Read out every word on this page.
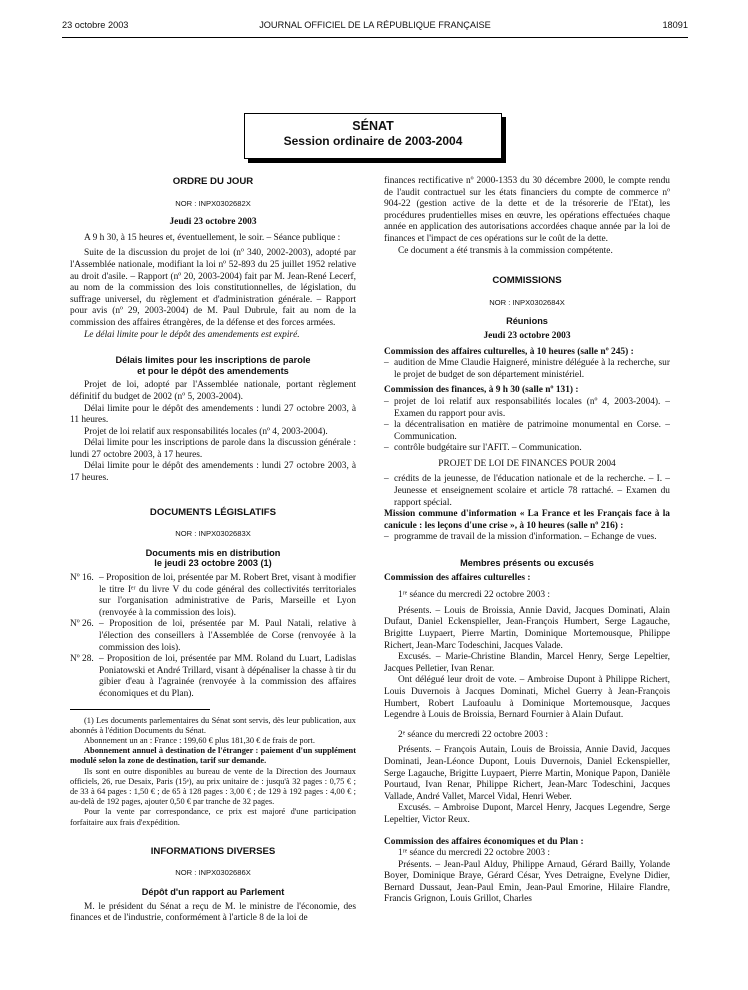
23 octobre 2003	JOURNAL OFFICIEL DE LA RÉPUBLIQUE FRANÇAISE	18091
SÉNAT
Session ordinaire de 2003-2004

ORDRE DU JOUR

NOR : INPX0302682X

Jeudi 23 octobre 2003

A 9 h 30, à 15 heures et, éventuellement, le soir. – Séance publique :

Suite de la discussion du projet de loi (nº 340, 2002-2003), adopté par l'Assemblée nationale, modifiant la loi nº 52-893 du 25 juillet 1952 relative au droit d'asile. – Rapport (nº 20, 2003-2004) fait par M. Jean-René Lecerf, au nom de la commission des lois constitutionnelles, de législation, du suffrage universel, du règlement et d'administration générale. – Rapport pour avis (nº 29, 2003-2004) de M. Paul Dubrule, fait au nom de la commission des affaires étrangères, de la défense et des forces armées.

Le délai limite pour le dépôt des amendements est expiré.

Délais limites pour les inscriptions de parole

et pour le dépôt des amendements

Projet de loi, adopté par l'Assemblée nationale, portant règlement définitif du budget de 2002 (nº 5, 2003-2004).

Délai limite pour le dépôt des amendements : lundi 27 octobre 2003, à 11 heures.

Projet de loi relatif aux responsabilités locales (nº 4, 2003-2004).

Délai limite pour les inscriptions de parole dans la discussion générale : lundi 27 octobre 2003, à 17 heures.

Délai limite pour le dépôt des amendements : lundi 27 octobre 2003, à 17 heures.

DOCUMENTS LÉGISLATIFS

NOR : INPX0302683X

Documents mis en distribution

le jeudi 23 octobre 2003 (1)

Nº 16. – Proposition de loi, présentée par M. Robert Bret, visant à modifier le titre Iᵉʳ du livre V du code général des collectivités territoriales sur l'organisation administrative de Paris, Marseille et Lyon (renvoyée à la commission des lois).
Nº 26. – Proposition de loi, présentée par M. Paul Natali, relative à l'élection des conseillers à l'Assemblée de Corse (renvoyée à la commission des lois).
Nº 28. – Proposition de loi, présentée par MM. Roland du Luart, Ladislas Poniatowski et André Trillard, visant à dépénaliser la chasse à tir du gibier d'eau à l'agrainée (renvoyée à la commission des affaires économiques et du Plan).

(1) Les documents parlementaires du Sénat sont servis, dès leur publication, aux abonnés à l'édition Documents du Sénat.

Abonnement un an : France : 199,60 € plus 181,30 € de frais de port.

Abonnement annuel à destination de l'étranger : paiement d'un supplément modulé selon la zone de destination, tarif sur demande.

Ils sont en outre disponibles au bureau de vente de la Direction des Journaux officiels, 26, rue Desaix, Paris (15ᵉ), au prix unitaire de : jusqu'à 32 pages : 0,75 € ; de 33 à 64 pages : 1,50 € ; de 65 à 128 pages : 3,00 € ; de 129 à 192 pages : 4,00 € ; au-delà de 192 pages, ajouter 0,50 € par tranche de 32 pages.

Pour la vente par correspondance, ce prix est majoré d'une participation forfaitaire aux frais d'expédition.

INFORMATIONS DIVERSES

NOR : INPX0302686X

Dépôt d'un rapport au Parlement

M. le président du Sénat a reçu de M. le ministre de l'économie, des finances et de l'industrie, conformément à l'article 8 de la loi de

finances rectificative nº 2000-1353 du 30 décembre 2000, le compte rendu de l'audit contractuel sur les états financiers du compte de commerce nº 904-22 (gestion active de la dette et de la trésorerie de l'Etat), les procédures prudentielles mises en œuvre, les opérations effectuées chaque année en application des autorisations accordées chaque année par la loi de finances et l'impact de ces opérations sur le coût de la dette.

Ce document a été transmis à la commission compétente.

COMMISSIONS

NOR : INPX0302684X

Réunions

Jeudi 23 octobre 2003

Commission des affaires culturelles, à 10 heures (salle nº 245) :

– audition de Mme Claudie Haigneré, ministre déléguée à la recherche, sur le projet de budget de son département ministériel.

Commission des finances, à 9 h 30 (salle nº 131) :

– projet de loi relatif aux responsabilités locales (nº 4, 2003-2004). – Examen du rapport pour avis.
– la décentralisation en matière de patrimoine monumental en Corse. – Communication.
– contrôle budgétaire sur l'AFIT. – Communication.

PROJET DE LOI DE FINANCES POUR 2004

– crédits de la jeunesse, de l'éducation nationale et de la recherche. – I. – Jeunesse et enseignement scolaire et article 78 rattaché. – Examen du rapport spécial.

Mission commune d'information « La France et les Français face à la canicule : les leçons d'une crise », à 10 heures (salle nº 216) :

– programme de travail de la mission d'information. – Echange de vues.

Membres présents ou excusés

Commission des affaires culturelles :

1ʳᵉ séance du mercredi 22 octobre 2003 :

Présents. – Louis de Broissia, Annie David, Jacques Dominati, Alain Dufaut, Daniel Eckenspieller, Jean-François Humbert, Serge Lagauche, Brigitte Luypaert, Pierre Martin, Dominique Mortemousque, Philippe Richert, Jean-Marc Todeschini, Jacques Valade.

Excusés. – Marie-Christine Blandin, Marcel Henry, Serge Lepeltier, Jacques Pelletier, Ivan Renar.

Ont délégué leur droit de vote. – Ambroise Dupont à Philippe Richert, Louis Duvernois à Jacques Dominati, Michel Guerry à Jean-François Humbert, Robert Laufoaulu à Dominique Mortemousque, Jacques Legendre à Louis de Broissia, Bernard Fournier à Alain Dufaut.

2ᵉ séance du mercredi 22 octobre 2003 :

Présents. – François Autain, Louis de Broissia, Annie David, Jacques Dominati, Jean-Léonce Dupont, Louis Duvernois, Daniel Eckenspieller, Serge Lagauche, Brigitte Luypaert, Pierre Martin, Monique Papon, Danièle Pourtaud, Ivan Renar, Philippe Richert, Jean-Marc Todeschini, Jacques Vallade, André Vallet, Marcel Vidal, Henri Weber.

Excusés. – Ambroise Dupont, Marcel Henry, Jacques Legendre, Serge Lepeltier, Victor Reux.

Commission des affaires économiques et du Plan :

1ʳᵉ séance du mercredi 22 octobre 2003 :

Présents. – Jean-Paul Alduy, Philippe Arnaud, Gérard Bailly, Yolande Boyer, Dominique Braye, Gérard César, Yves Detraigne, Evelyne Didier, Bernard Dussaut, Jean-Paul Emin, Jean-Paul Emorine, Hilaire Flandre, Francis Grignon, Louis Grillot, Charles
